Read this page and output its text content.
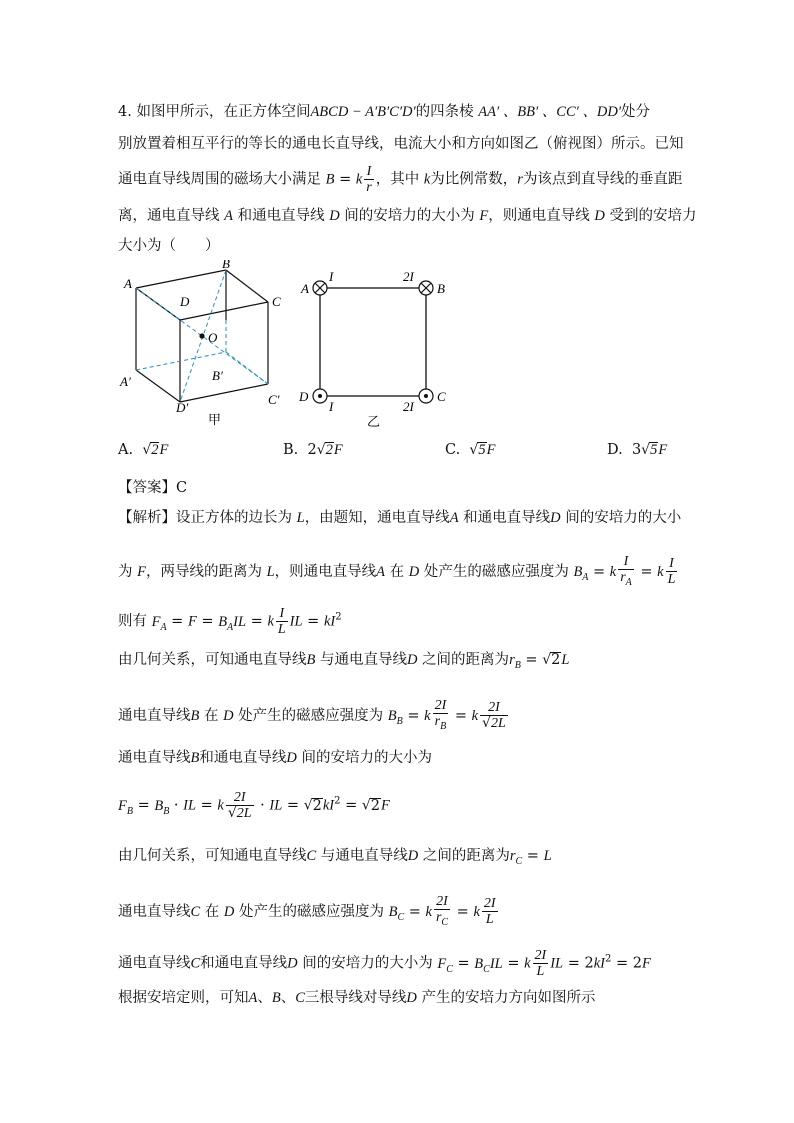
4. 如图甲所示，在正方体空间ABCD − A′B′C′D′的四条棱 AA′ 、BB′ 、CC′ 、DD′处分
别放置着相互平行的等长的通电长直导线，电流大小和方向如图乙（俯视图）所示。已知
通电直导线周围的磁场大小满足 B = k $\frac{I}{r}$ ，其中 k为比例常数，r为该点到直导线的垂直距
离，通电直导线 A 和通电直导线 D 间的安培力的大小为 F，则通电直导线 D 受到的安培力
大小为（　　）
A
B
C
D
O
A′	B′
C′
D′
甲
A	B
C
D
I	2I
2I
I
乙
A. √2F	B. 2√2F	C. √5F	D. 3√5F
【答案】C
【解析】设正方体的边长为 L，由题知，通电直导线A 和通电直导线D 间的安培力的大小
为 F，两导线的距离为 L，则通电直导线A 在 D 处产生的磁感应强度为 $B_A = k \frac{I}{r_A} = k \frac{I}{L}$
则有 $F_A = F = B_AIL = k \frac{I}{L}$ IL = $kI^2$
由几何关系，可知通电直导线B 与通电直导线D 之间的距离为$r_B = √2L$
通电直导线B 在 D 处产生的磁感应强度为 $B_B = k \frac{2I}{r_B} = k \frac{2I}{√2L}$
通电直导线B和通电直导线D 间的安培力的大小为
$F_B = B_B$ · IL = k $\frac{2I}{√2L}$ · IL = $√2kI^2 = √2F$
由几何关系，可知通电直导线C 与通电直导线D 之间的距离为$r_C = L$
通电直导线C 在 D 处产生的磁感应强度为 $B_C = k \frac{2I}{r_C} = k \frac{2I}{L}$
通电直导线C和通电直导线D 间的安培力的大小为 $F_C = B_CIL = k \frac{2I}{L}$ IL = $2kI^2 = 2F$
根据安培定则，可知A、B、C三根导线对导线D 产生的安培力方向如图所示
